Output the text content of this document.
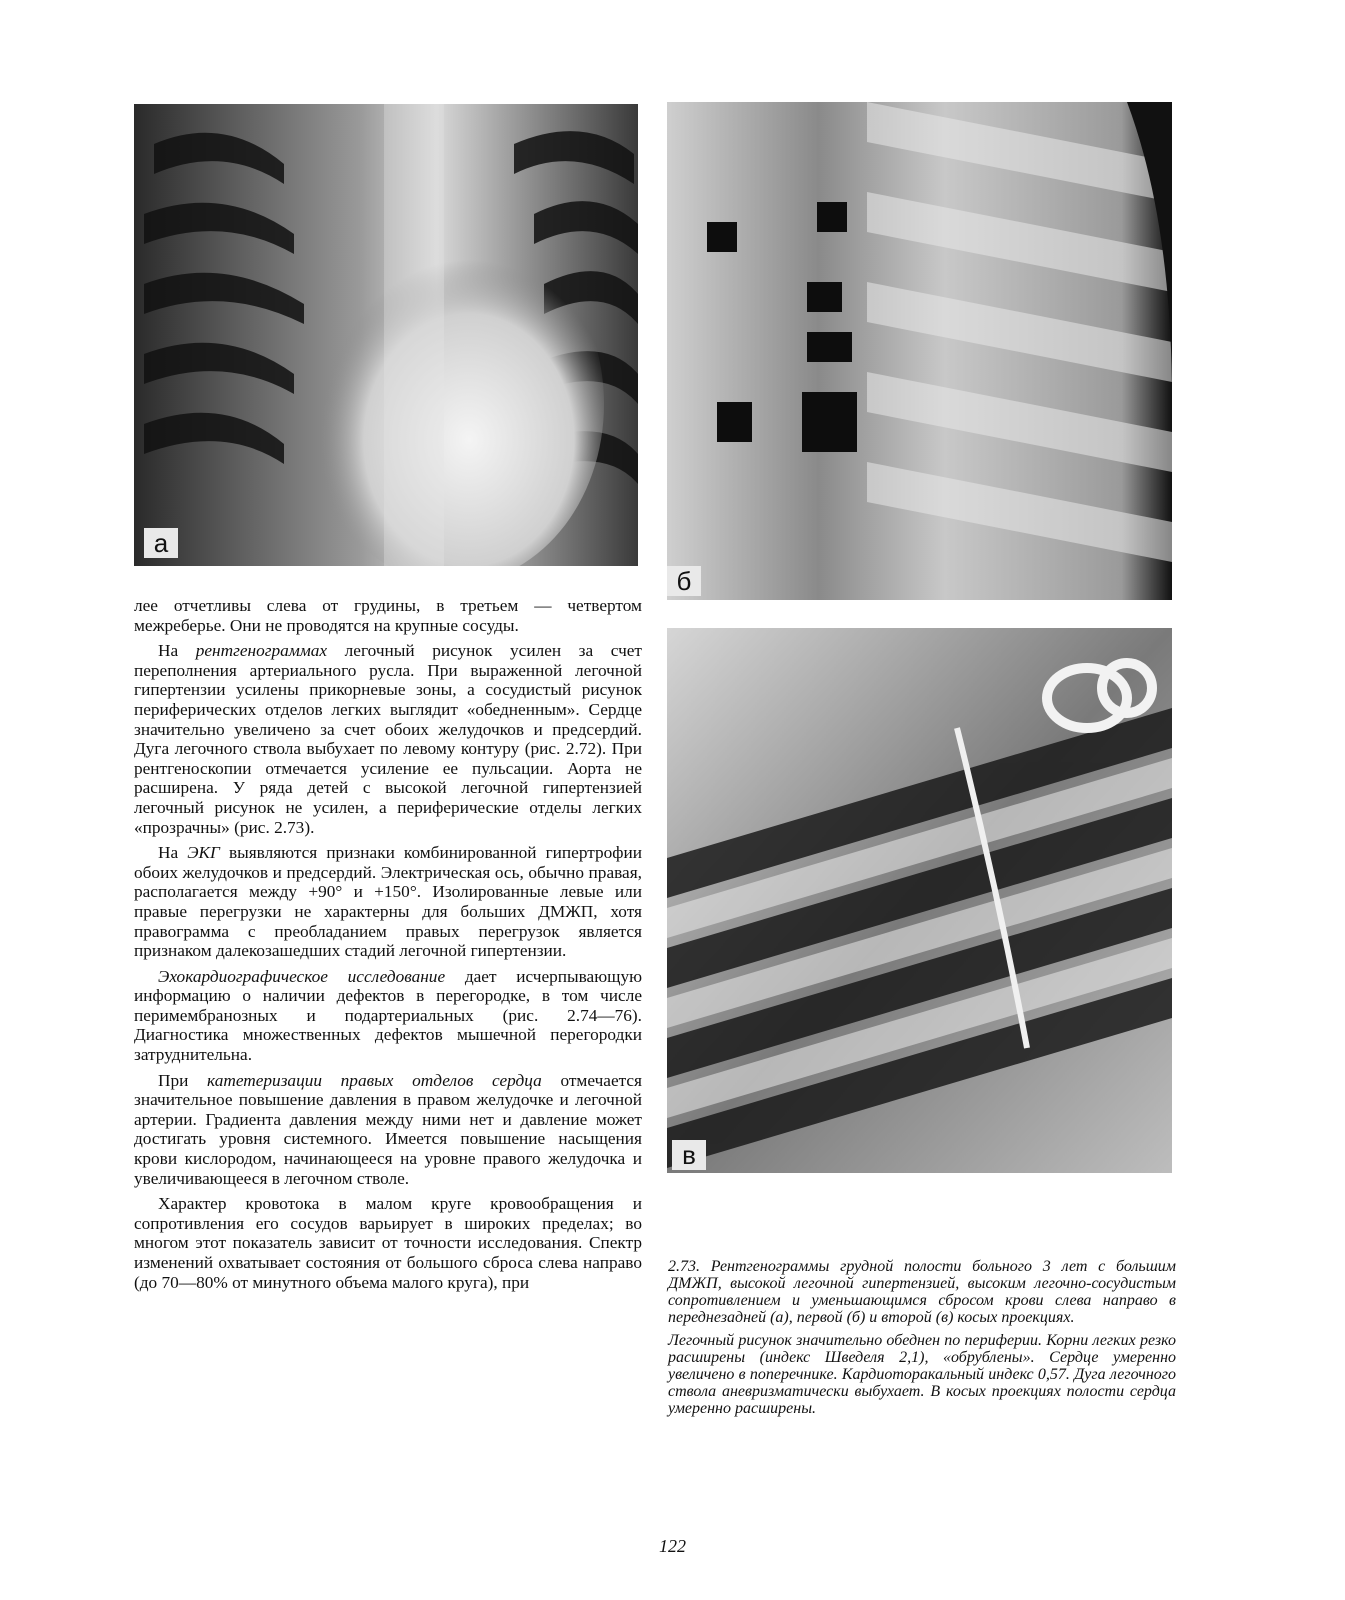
а
б
в

лее отчетливы слева от грудины, в третьем — четвертом межреберье. Они не проводятся на крупные сосуды.

На рентгенограммах легочный рисунок усилен за счет переполнения артериального русла. При выраженной легочной гипертензии усилены прикорневые зоны, а сосудистый рисунок периферических отделов легких выглядит «обедненным». Сердце значительно увеличено за счет обоих желудочков и предсердий. Дуга легочного ствола выбухает по левому контуру (рис. 2.72). При рентгеноскопии отмечается усиление ее пульсации. Аорта не расширена. У ряда детей с высокой легочной гипертензией легочный рисунок не усилен, а периферические отделы легких «прозрачны» (рис. 2.73).

На ЭКГ выявляются признаки комбинированной гипертрофии обоих желудочков и предсердий. Электрическая ось, обычно правая, располагается между +90° и +150°. Изолированные левые или правые перегрузки не характерны для больших ДМЖП, хотя правограмма с преобладанием правых перегрузок является признаком далекозашедших стадий легочной гипертензии.

Эхокардиографическое исследование дает исчерпывающую информацию о наличии дефектов в перегородке, в том числе перимембранозных и подартериальных (рис. 2.74—76). Диагностика множественных дефектов мышечной перегородки затруднительна.

При катетеризации правых отделов сердца отмечается значительное повышение давления в правом желудочке и легочной артерии. Градиента давления между ними нет и давление может достигать уровня системного. Имеется повышение насыщения крови кислородом, начинающееся на уровне правого желудочка и увеличивающееся в легочном стволе.

Характер кровотока в малом круге кровообращения и сопротивления его сосудов варьирует в широких пределах; во многом этот показатель зависит от точности исследования. Спектр изменений охватывает состояния от большого сброса слева направо (до 70—80% от минутного объема малого круга), при

2.73. Рентгенограммы грудной полости больного 3 лет с большим ДМЖП, высокой легочной гипертензией, высоким легочно-сосудистым сопротивлением и уменьшающимся сбросом крови слева направо в переднезадней (а), первой (б) и второй (в) косых проекциях.

Легочный рисунок значительно обеднен по периферии. Корни легких резко расширены (индекс Шведеля 2,1), «обрублены». Сердце умеренно увеличено в поперечнике. Кардиоторакальный индекс 0,57. Дуга легочного ствола аневризматически выбухает. В косых проекциях полости сердца умеренно расширены.

122
